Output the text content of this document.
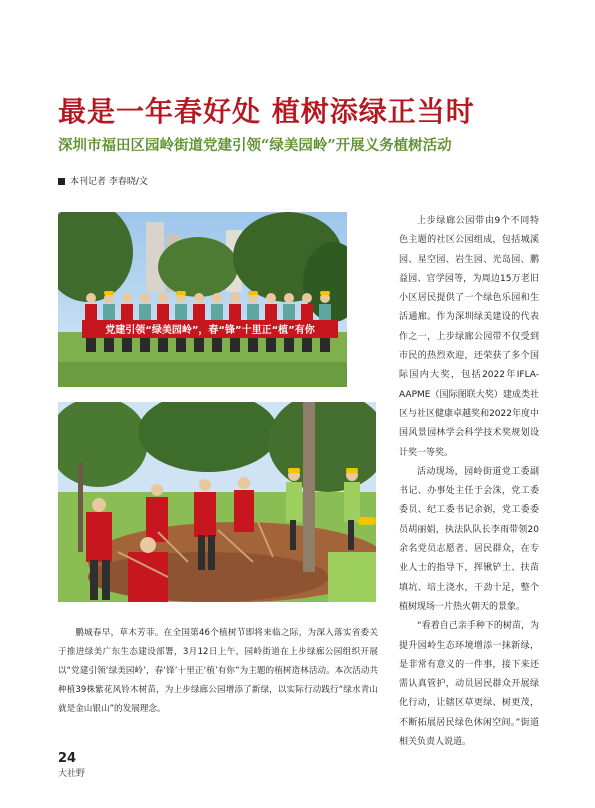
最是一年春好处 植树添绿正当时
深圳市福田区园岭街道党建引领“绿美园岭”开展义务植树活动
本刊记者 李春晓/文
党建引领“绿美园岭”，春“锋”十里正“植”有你

上步绿廊公园带由9个不同特色主题的社区公园组成，包括城溪园、星空园、岩生园、光岛园、鹏益园、官学园等，为周边15万老旧小区居民提供了一个绿色乐园和生活通廊。作为深圳绿美建设的代表作之一，上步绿廊公园带不仅受到市民的热烈欢迎，还荣获了多个国际国内大奖，包括2022年IFLA-AAPME（国际图联大奖）建成类社区与社区健康卓越奖和2022年度中国风景园林学会科学技术奖规划设计奖一等奖。

活动现场，园岭街道党工委副书记、办事处主任于会洙，党工委委员、纪工委书记余弼，党工委委员胡丽娟，执法队队长李雨带领20余名党员志愿者、居民群众，在专业人士的指导下，挥锹铲土、扶苗填坑、培土浇水，干劲十足，整个植树现场一片热火朝天的景象。

“看着自己亲手种下的树苗，为提升园岭生态环境增添一抹新绿，是非常有意义的一件事，接下来还需认真管护，动员居民群众开展绿化行动，让辖区草更绿、树更茂，不断拓展居民绿色休闲空间。”街道相关负责人说道。

鹏城春早，草木芳菲。在全国第46个植树节即将来临之际，为深入落实省委关于推进绿美广东生态建设部署，3月12日上午，园岭街道在上步绿廊公园组织开展以“党建引领‘绿美园岭’，春‘锋’十里正‘植’有你”为主题的植树造林活动。本次活动共种植39株紫花风铃木树苗，为上步绿廊公园增添了新绿，以实际行动践行“绿水青山就是金山银山”的发展理念。

24
大社野
